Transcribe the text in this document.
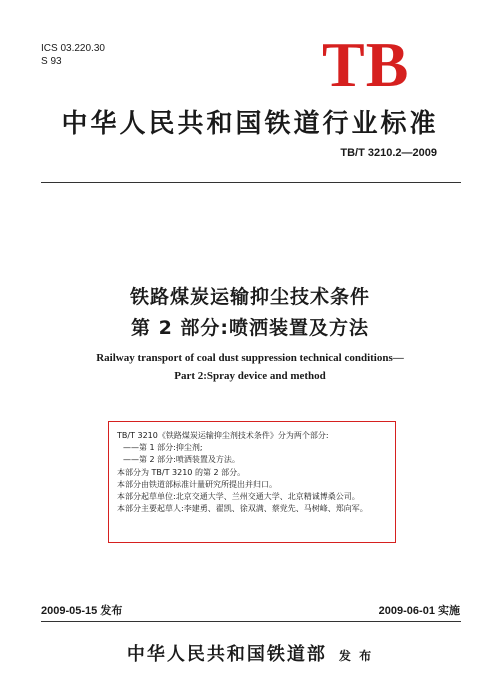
ICS 03.220.30
S 93	TB
中华人民共和国铁道行业标准
TB/T 3210.2—2009
铁路煤炭运输抑尘技术条件
第 2 部分:喷洒装置及方法
Railway transport of coal dust suppression technical conditions—
Part 2:Spray device and method
TB/T 3210《铁路煤炭运输抑尘剂技术条件》分为两个部分:
——第 1 部分:抑尘剂;
——第 2 部分:喷洒装置及方法。
本部分为 TB/T 3210 的第 2 部分。
本部分由铁道部标准计量研究所提出并归口。
本部分起草单位:北京交通大学、兰州交通大学、北京精诚博桑公司。
本部分主要起草人:李建勇、翟凯、徐双满、蔡党先、马树峰、郑向军。
2009-05-15 发布	2009-06-01 实施
中华人民共和国铁道部 发 布
